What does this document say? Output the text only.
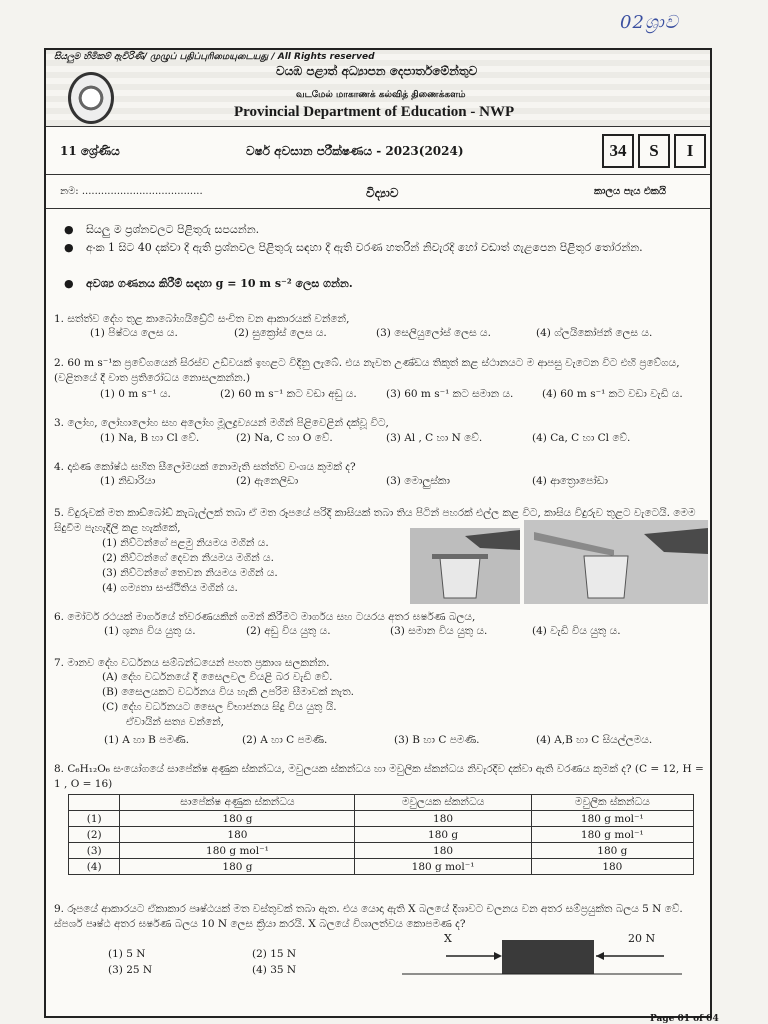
02ශ්‍රාව
සියලුම හිමිකම් ඇවිරිණි/ முழுப் பதிப்புரிமையுடையது / All Rights reserved
වයඹ පළාත් අධ්‍යාපන දෙපාර්තමේන්තුව
வடமேல் மாகாணக் கல்வித் திணைக்களம்
Provincial Department of Education - NWP
11 ශ්‍රේණිය	වර්ෂ අවසාන පරීක්ෂණය - 2023(2024)	34	S	I
නම: ......................................	විද්‍යාව	කාලය පැය එකයි
● සියලු ම ප්‍රශ්නවලට පිළිතුරු සපයන්න.
● අංක 1 සිට 40 දක්වා දී ඇති ප්‍රශ්නවල පිළිතුරු සඳහා දී ඇති වරණ හතරින් නිවැරදි හෝ වඩාත් ගැළපෙන පිළිතුර තෝරන්න.
● අවශ්‍ය ගණනය කිරීම් සඳහා g = 10 m s⁻² ලෙස ගන්න.
1. සත්ත්ව දේහ තුළ කාබෝහයිඩ්‍රේට් සංචිත වන ආකාරයක් වන්නේ,
(1) පිෂ්ටය ලෙස ය.	(2) සුක්‍රෝස් ලෙස ය.	(3) සෙලියුලෝස් ලෙස ය.	(4) ග්ලයිකෝජන් ලෙස ය.
2. 60 m s⁻¹ක ප්‍රවේගයෙන් සිරස්ව උඩ්වයක් ඉහළට විදිනු ලැබේ. එය නැවත උණ්ඩය තිකුත් කළ ස්ථානයට ම ආපසු වැටෙන විට එහි ප්‍රවේගය, (වළිතයේ දී වාත ප්‍රතිරෝධය නොසලකන්න.)
(1) 0 m s⁻¹ ය.	(2) 60 m s⁻¹ කට වඩා අඩු ය.	(3) 60 m s⁻¹ කට සමාන ය.	(4) 60 m s⁻¹ කට වඩා වැඩි ය.
3. ලෝහ, ලෝහාලෝහ සහ අලෝහ මූලද්‍රව්‍යයන් මගින් පිළිවෙළින් දක්වූ විට,
(1) Na, B හා Cl වේ.	(2) Na, C හා O වේ.	(3) Al , C හා N වේ.	(4) Ca, C හා Cl වේ.
4. දෘඪණ කෝෂ්ඨ සහිත සීලෝමයක් නොමැති සත්ත්ව වංශය කුමක් ද?
(1) නිඩාරියා	(2) ඇනෙලිඩා	(3) මොලුස්කා	(4) ආත්‍රොපෝඩා
5. විදුරුවක් මත කාඩ්බෝඩ් කැබැල්ලක් තබා ඒ මත රූපයේ පරිදි කාසියක් තබා තිය පිටින් පහරක් එල්ල කළ විට, කාසිය විදුරුව තුළට වැටෙයි. මෙම සිදුවීම පැහැදිලි කළ හැක්කේ,
(1) නිව්ටන්ගේ පළමු නියමය මගින් ය.
(2) නිව්ටන්ගේ දෙවන නියමය මගින් ය.
(3) නිව්ටන්ගේ තෙවන නියමය මගින් ය.
(4) ගම්‍යතා සංස්ථිතිය මගින් ය.
6. මෝටර් රථයක් මාර්ගයේ ත්වරණයකින් ගමන් කිරීමට මාර්ගය සහ ටයරය අතර ඝර්ෂණ බලය,
(1) ශුන්‍ය විය යුතු ය.	(2) අඩු විය යුතු ය.	(3) සමාන විය යුතු ය.	(4) වැඩි විය යුතු ය.
7. මානව දේහ වර්ධනය සම්බන්ධයෙන් පහත ප්‍රකාශ සලකන්න.
(A) දේහ වර්ධනයේ දී සෛලවල වියළි බර වැඩි වේ.
(B) සෛලයකට වර්ධනය විය හැකි උපරිම සීමාවක් නැත.
(C) දේහ වර්ධනයට සෛල විභාජනය සිදු විය යුතු යි.
ඒවායින් සත්‍ය වන්නේ,
(1) A හා B පමණි.	(2) A හා C පමණි.	(3) B හා C පමණි.	(4) A,B හා C සියල්ලමය.
8. C₆H₁₂O₆ සංයෝගයේ සාපේක්ෂ අණුක ස්කන්ධය, මවුලයක ස්කන්ධය හා මවුලික ස්කන්ධය නිවැරදිව දක්වා ඇති වරණය කුමක් ද? (C = 12, H = 1 , O = 16)
	සාපේක්ෂ අණුක ස්කන්ධය	මවුලයක ස්කන්ධය	මවුලික ස්කන්ධය
(1)	180 g	180	180 g mol⁻¹
(2)	180	180 g	180 g mol⁻¹
(3)	180 g mol⁻¹	180	180 g
(4)	180 g	180 g mol⁻¹	180
9. රූපයේ ආකාරයට ඒකාකාර පෘෂ්ඨයක් මත වස්තුවක් තබා ඇත. එය යොදා ඇති X බලයේ දිශාවට චලනය වන අතර සම්ප්‍රයුක්ත බලය 5 N වේ. ස්පර්ශ පෘෂ්ඨ අතර ඝර්ෂණ බලය 10 N ලෙස ක්‍රියා කරයි. X බලයේ විශාලත්වය කොපමණ ද?
(1) 5 N	(2) 15 N
(3) 25 N	(4) 35 N
X	20 N
Page 01 of 04
